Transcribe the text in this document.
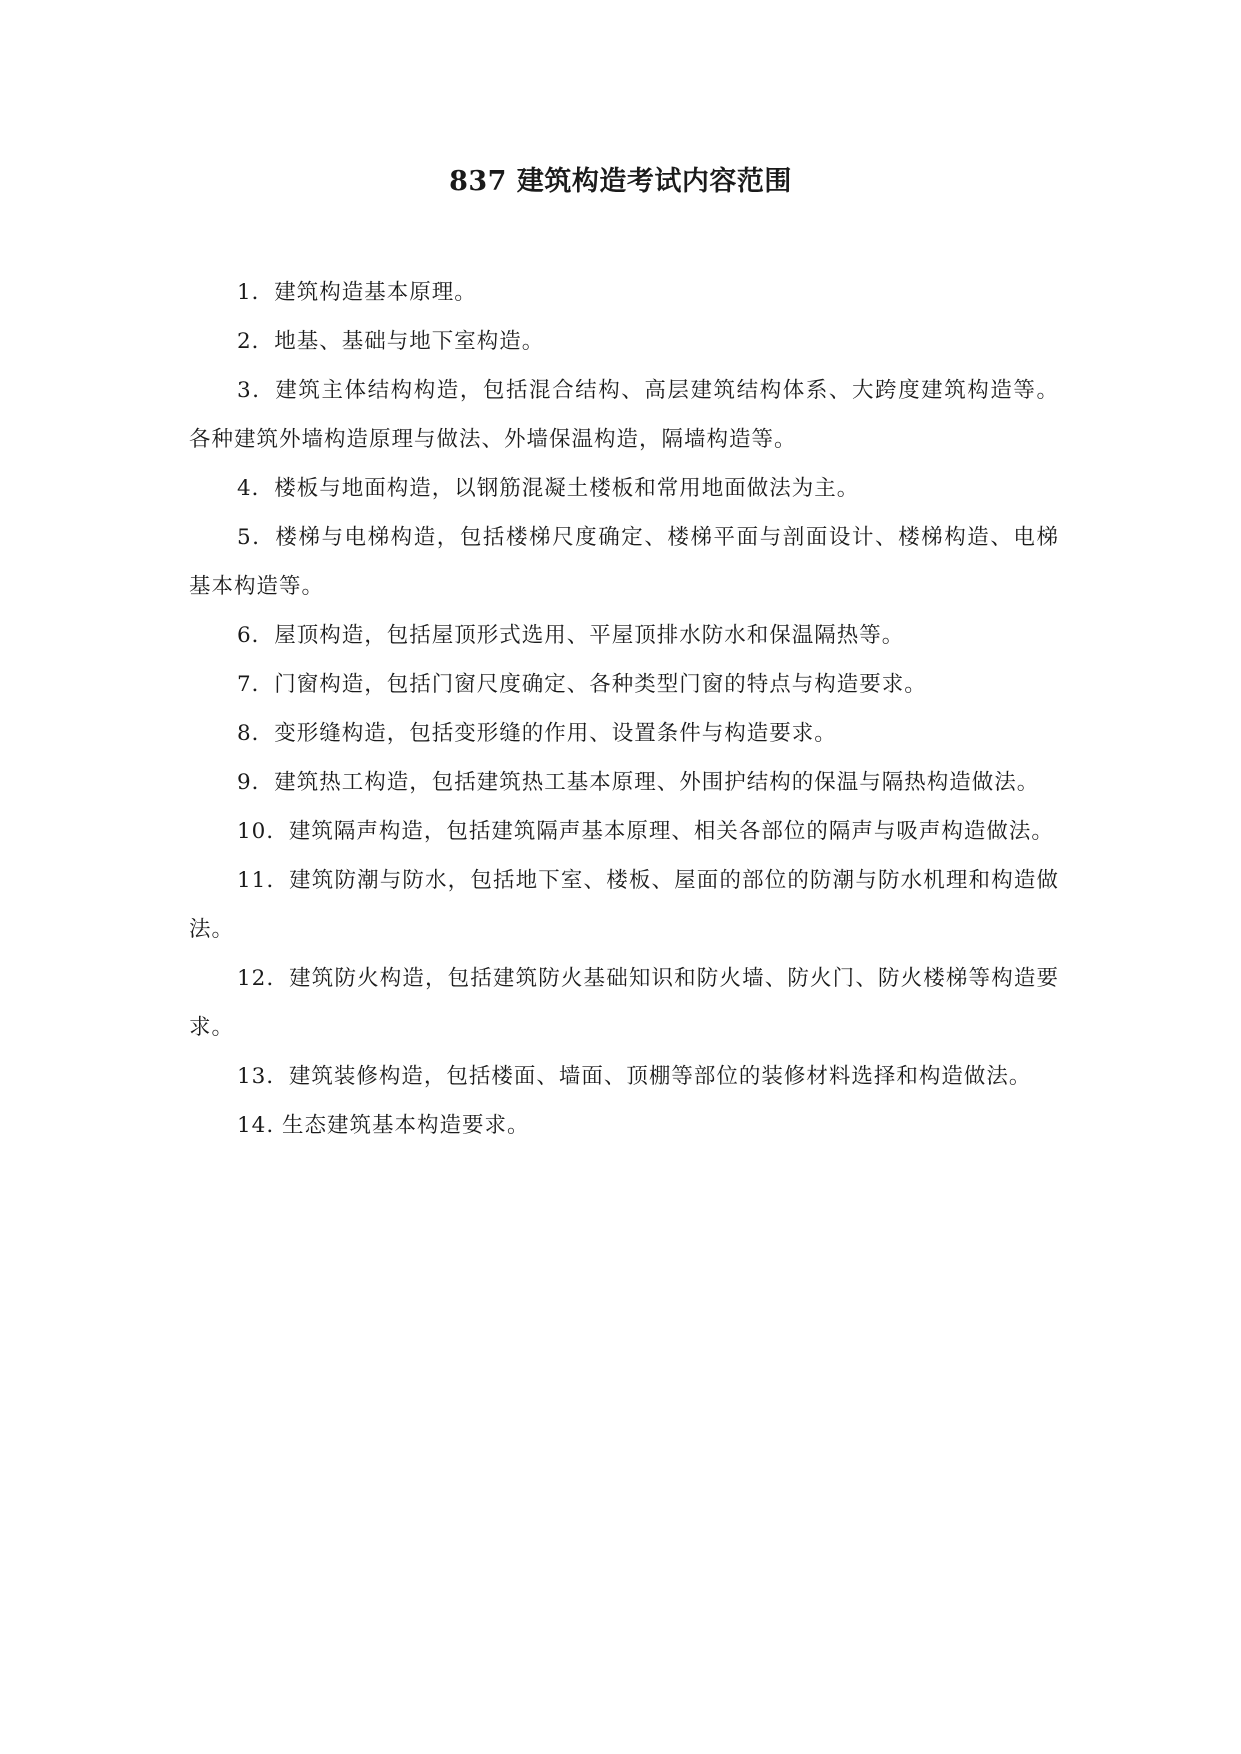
837 建筑构造考试内容范围

1．建筑构造基本原理。

2．地基、基础与地下室构造。

3．建筑主体结构构造，包括混合结构、高层建筑结构体系、大跨度建筑构造等。各种建筑外墙构造原理与做法、外墙保温构造，隔墙构造等。

4．楼板与地面构造，以钢筋混凝土楼板和常用地面做法为主。

5．楼梯与电梯构造，包括楼梯尺度确定、楼梯平面与剖面设计、楼梯构造、电梯基本构造等。

6．屋顶构造，包括屋顶形式选用、平屋顶排水防水和保温隔热等。

7．门窗构造，包括门窗尺度确定、各种类型门窗的特点与构造要求。

8．变形缝构造，包括变形缝的作用、设置条件与构造要求。

9．建筑热工构造，包括建筑热工基本原理、外围护结构的保温与隔热构造做法。

10．建筑隔声构造，包括建筑隔声基本原理、相关各部位的隔声与吸声构造做法。

11．建筑防潮与防水，包括地下室、楼板、屋面的部位的防潮与防水机理和构造做法。

12．建筑防火构造，包括建筑防火基础知识和防火墙、防火门、防火楼梯等构造要求。

13．建筑装修构造，包括楼面、墙面、顶棚等部位的装修材料选择和构造做法。

14. 生态建筑基本构造要求。
